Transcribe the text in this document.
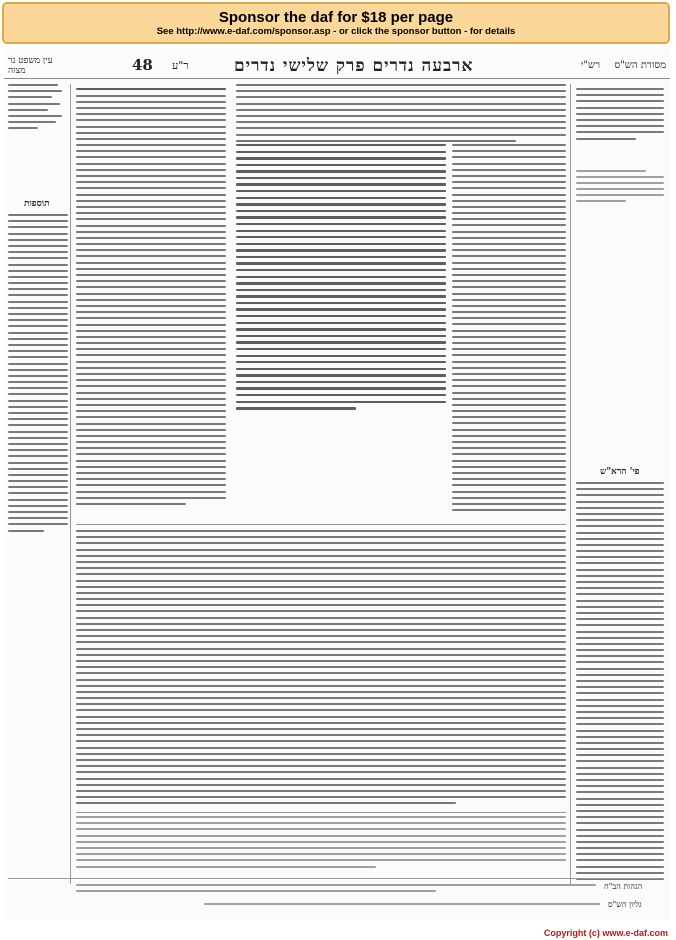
Sponsor the daf for $18 per page
See http://www.e-daf.com/sponsor.asp - or click the sponsor button - for details
עין משפט נר מצוה	48 ר"ע	ארבעה נדרים פרק שלישי נדרים	רש"י מסורת הש"ס
תוספות
פי' הרא"ש
הגהות הב"ח
גליון הש"ס
Copyright (c) www.e-daf.com
